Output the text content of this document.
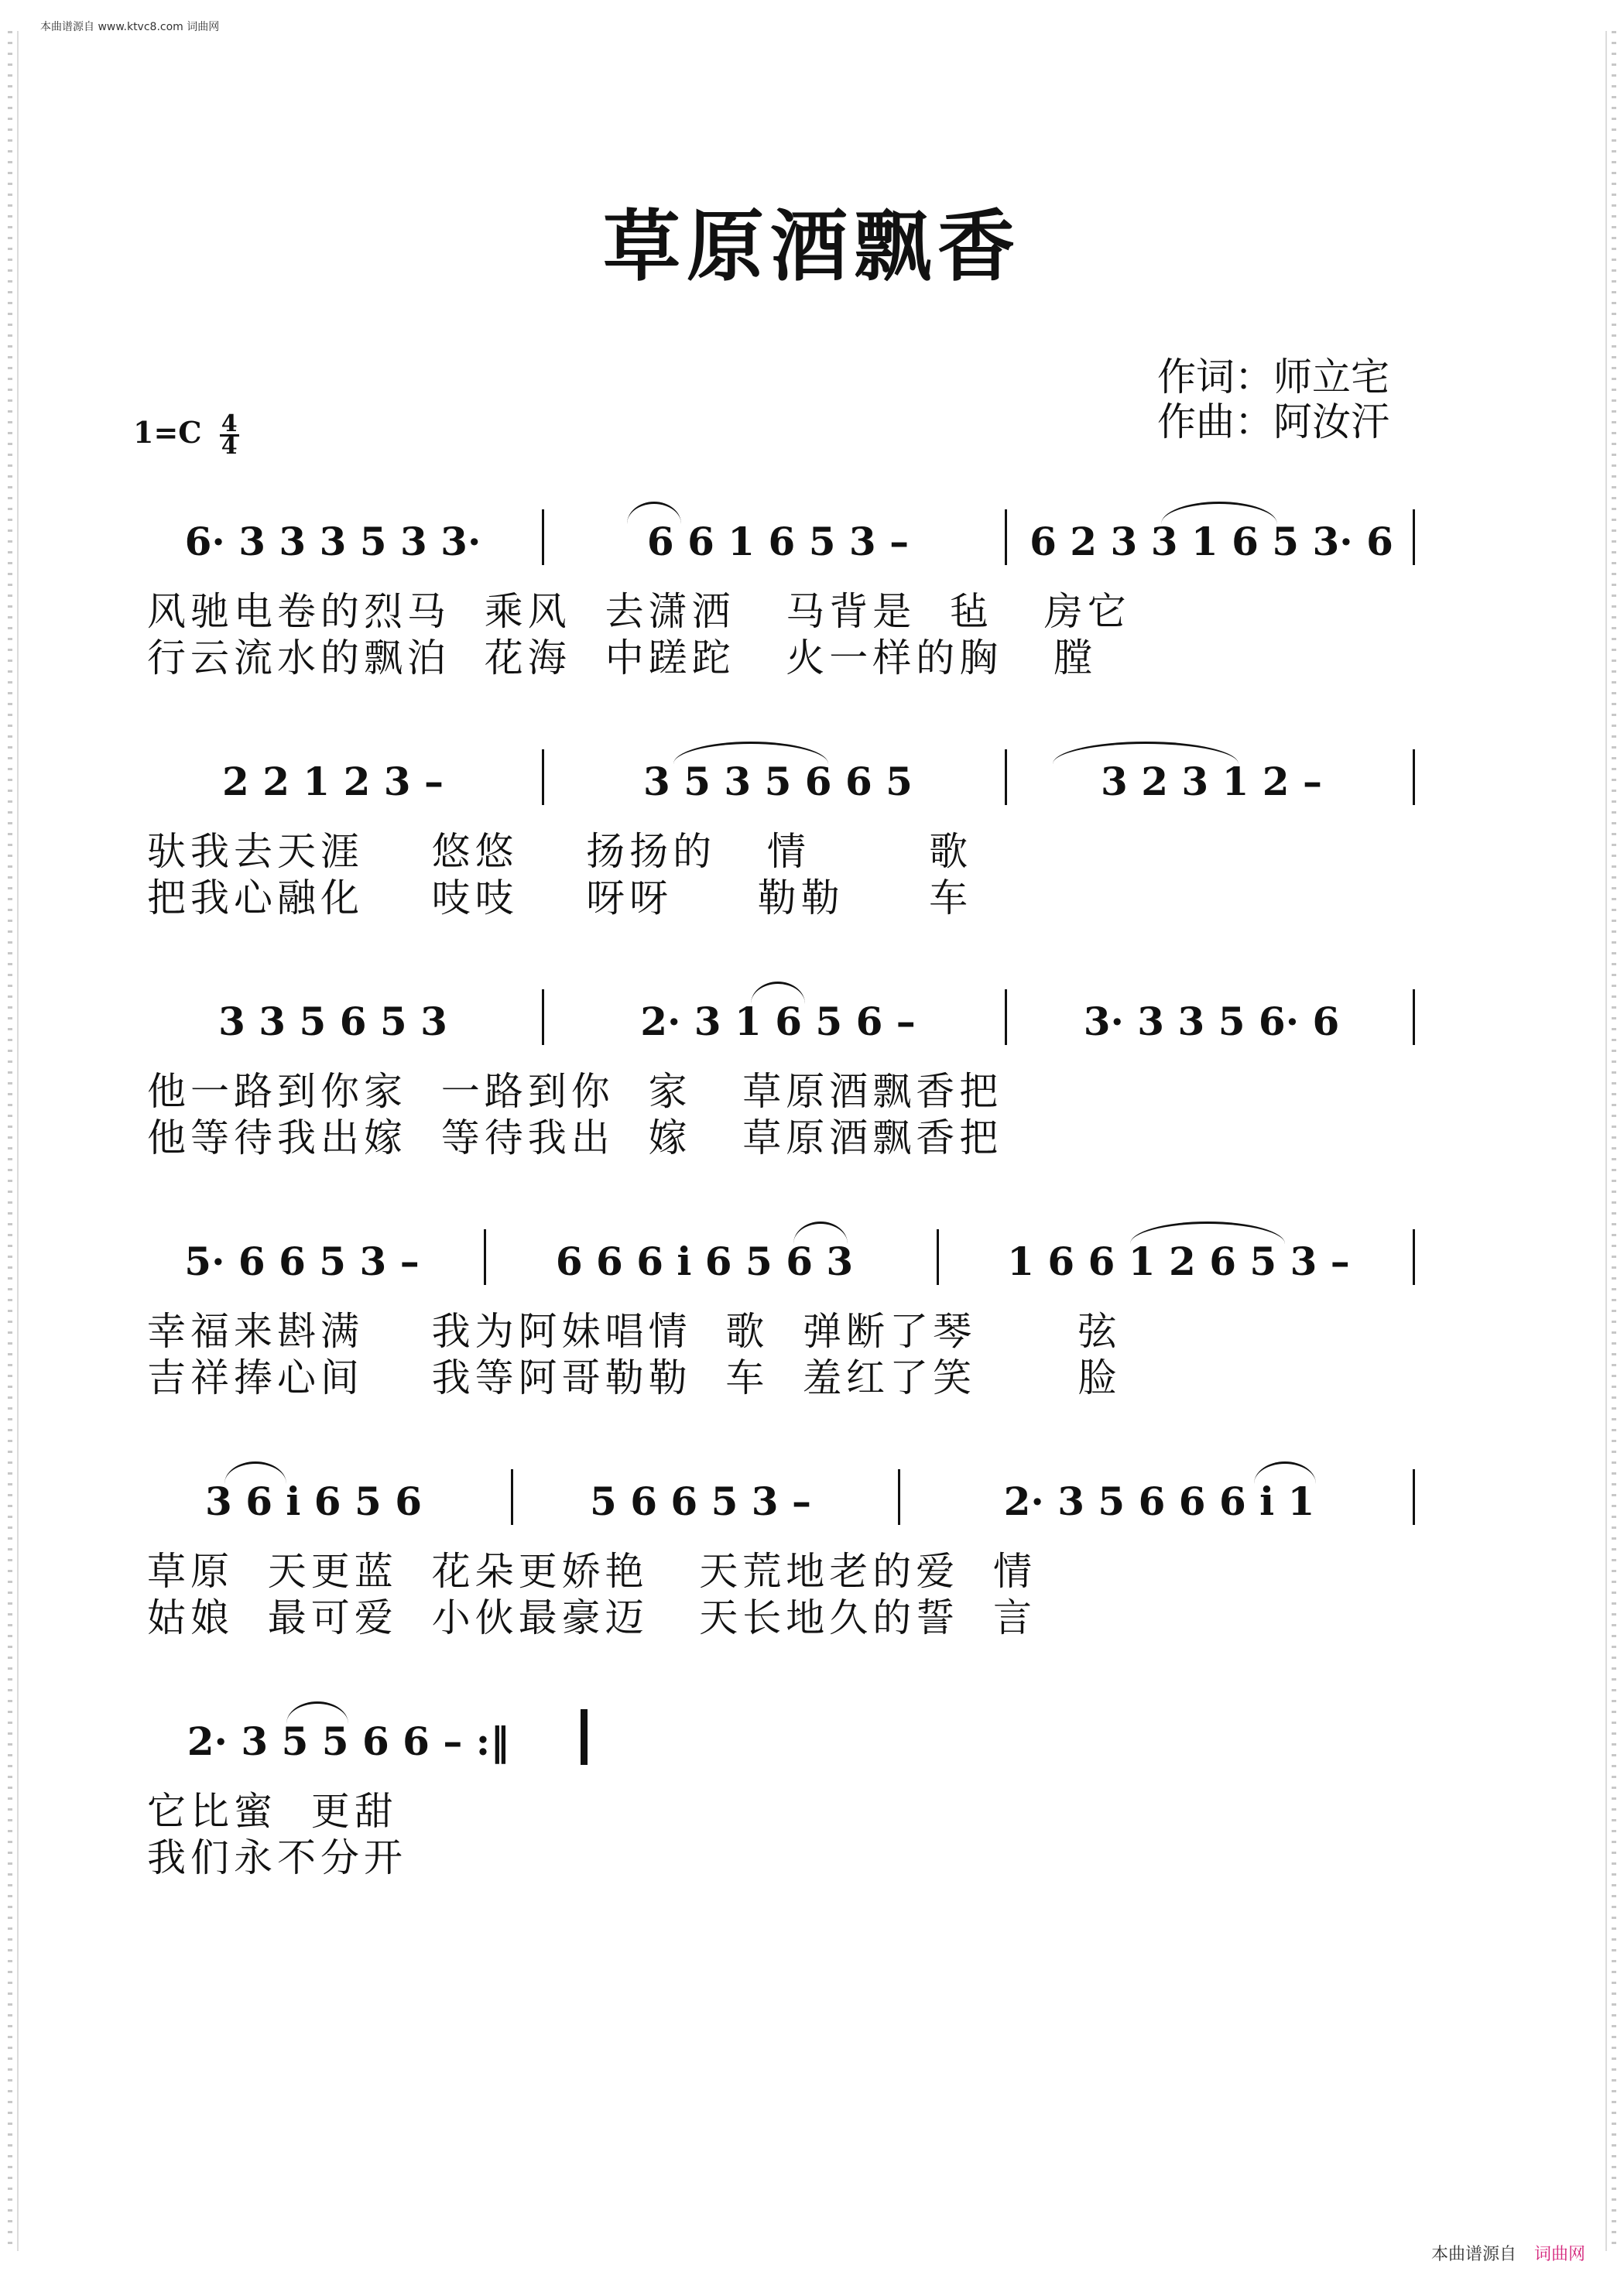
本曲谱源自 www.ktvc8.com 词曲网
草原酒飘香
作词：师立宅
作曲：阿汝汗
$1=C \frac{4}{4}$
6· 3 3 3 5 3 3·	6 6 1 6 5 3 –	6 2 3 3 1 6 5 3· 6
风驰电卷的烈马  乘风  去潇洒   马背是  毡   房它
行云流水的飘泊  花海  中蹉跎   火一样的胸   膛
2 2 1 2 3 –	3 5 3 5 6 6 5	3 2 3 1 2 –
驮我去天涯    悠悠    扬扬的   情       歌
把我心融化    吱吱    呀呀     勒勒     车
3 3 5 6 5 3	2· 3 1 6 5 6 –	3· 3 3 5 6· 6
他一路到你家  一路到你  家   草原酒飘香把
他等待我出嫁  等待我出  嫁   草原酒飘香把
5· 6 6 5 3 –	6 6 6 i 6 5 6 3	1 6 6 1 2 6 5 3 –
幸福来斟满    我为阿妹唱情  歌  弹断了琴      弦
吉祥捧心间    我等阿哥勒勒  车  羞红了笑      脸
3 6 i 6 5 6	5 6 6 5 3 –	2· 3 5 6 6 6 i 1
草原  天更蓝  花朵更娇艳   天荒地老的爱  情
姑娘  最可爱  小伙最豪迈   天长地久的誓  言
2· 3 5 5 6 6 – :‖
它比蜜  更甜
我们永不分开
本曲谱源自 词曲网
